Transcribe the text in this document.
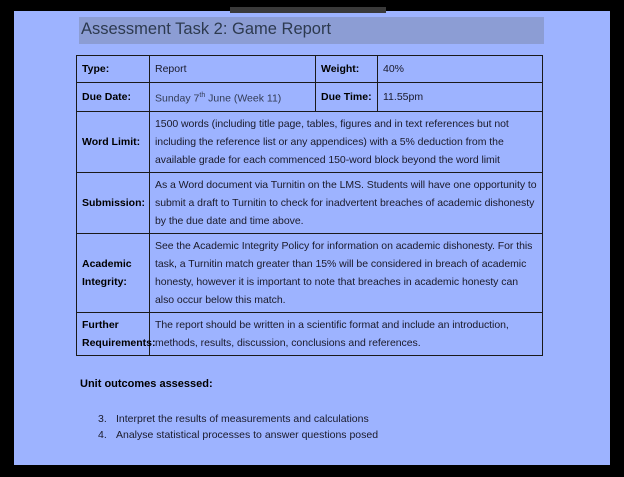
Assessment Task 2: Game Report
Type:	Report	Weight:	40%
Due Date:	Sunday 7th June (Week 11)	Due Time:	11.55pm
Word Limit:	1500 words (including title page, tables, figures and in text references but not including the reference list or any appendices) with a 5% deduction from the available grade for each commenced 150-word block beyond the word limit		
Submission:	As a Word document via Turnitin on the LMS. Students will have one opportunity to submit a draft to Turnitin to check for inadvertent breaches of academic dishonesty by the due date and time above.		

Academic
Integrity:	See the Academic Integrity Policy for information on academic dishonesty. For this task, a Turnitin match greater than 15% will be considered in breach of academic honesty, however it is important to note that breaches in academic honesty can also occur below this match.		

Further
Requirements:	The report should be written in a scientific format and include an introduction, methods, results, discussion, conclusions and references.		
Unit outcomes assessed:
3. Interpret the results of measurements and calculations
4. Analyse statistical processes to answer questions posed
